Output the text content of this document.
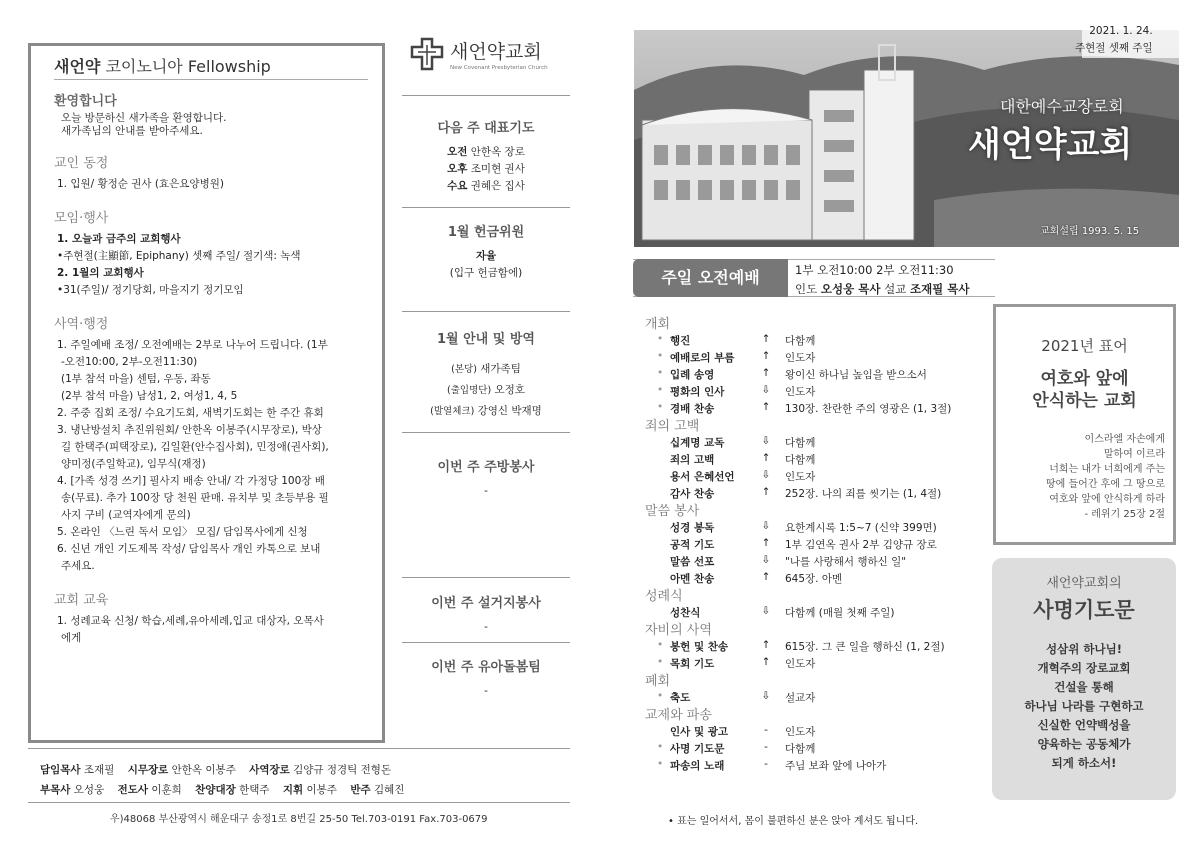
새언약 코이노니아 Fellowship
환영합니다
오늘 방문하신 새가족을 환영합니다.
새가족님의 안내를 받아주세요.
교인 동정
1. 입원/ 황정순 권사 (효은요양병원)
모임·행사
1. 오늘과 금주의 교회행사
•주현절(主顯節, Epiphany) 셋째 주일/ 절기색: 녹색
2. 1월의 교회행사
•31(주일)/ 정기당회, 마을지기 정기모임
사역·행정
1. 주일예배 조정/ 오전예배는 2부로 나누어 드립니다. (1부
-오전10:00, 2부-오전11:30)
(1부 참석 마을) 센텀, 우동, 좌동
(2부 참석 마을) 남성1, 2, 여성1, 4, 5
2. 주중 집회 조정/ 수요기도회, 새벽기도회는 한 주간 휴회
3. 냉난방설치 추진위원회/ 안한옥 이봉주(시무장로), 박상
길 한택주(피택장로), 김일환(안수집사회), 민정애(권사회),
양미정(주일학교), 임무식(재정)
4. [가족 성경 쓰기] 필사지 배송 안내/ 각 가정당 100장 배
송(무료). 추가 100장 당 천원 판매. 유치부 및 초등부용 필
사지 구비 (교역자에게 문의)
5. 온라인 〈느린 독서 모임〉 모집/ 담임목사에게 신청
6. 신년 개인 기도제목 작성/ 담임목사 개인 카톡으로 보내
주세요.
교회 교육
1. 성례교육 신청/ 학습,세례,유아세례,입교 대상자, 오목사
에게
새언약교회
New Covenant Presbyterian Church
다음 주 대표기도
오전 안한옥 장로
오후 조미현 권사
수요 권혜은 집사
1월 헌금위원
자율
(입구 헌금함에)
1월 안내 및 방역
(본당) 새가족팀
(출입명단) 오정호
(발열체크) 강영신 박재명
이번 주 주방봉사
-
이번 주 설거지봉사
-
이번 주 유아돌봄팀
-
담임목사 조재필 시무장로 안한옥 이봉주 사역장로 김양규 정경틱 전형돈
부목사 오성웅 전도사 이훈희 찬양대장 한택주 지휘 이봉주 반주 김혜진
우)48068 부산광역시 해운대구 송정1로 8번길 25-50 Tel.703-0191 Fax.703-0679
2021. 1. 24.
주현절 셋째 주일
대한예수교장로회
새언약교회
교회설립 1993. 5. 15
주일 오전예배	1부 오전10:00 2부 오전11:30
인도 오성웅 목사 설교 조재필 목사
개회
• 행진	↑ 다함께
• 예배로의 부름	↑ 인도자
• 입례 송영	↑ 왕이신 하나님 높임을 받으소서
• 평화의 인사	⇩ 인도자
• 경배 찬송	↑ 130장. 찬란한 주의 영광은 (1, 3절)
죄의 고백
십계명 교독	⇩ 다함께
죄의 고백	↑ 다함께
용서 은혜선언	⇩ 인도자
감사 찬송	↑ 252장. 나의 죄를 씻기는 (1, 4절)
말씀 봉사
성경 봉독	⇩ 요한계시록 1:5~7 (신약 399면)
공적 기도	↑ 1부 김연옥 권사 2부 김양규 장로
말씀 선포	⇩ "나를 사랑해서 행하신 일"
아멘 찬송	↑ 645장. 아멘
성례식
성찬식	⇩ 다함께 (매월 첫째 주일)
자비의 사역
• 봉헌 및 찬송	↑ 615장. 그 큰 일을 행하신 (1, 2절)
• 목회 기도	↑ 인도자
폐회
• 축도	⇩ 설교자
교제와 파송
인사 및 광고	-	인도자
• 사명 기도문	-	다함께
• 파송의 노래	-	주님 보좌 앞에 나아가
• 표는 일어서서, 몸이 불편하신 분은 앉아 계셔도 됩니다.
2021년 표어
여호와 앞에
안식하는 교회
이스라엘 자손에게
말하여 이르라
너희는 내가 너희에게 주는
땅에 들어간 후에 그 땅으로
여호와 앞에 안식하게 하라
- 레위기 25장 2절
새언약교회의
사명기도문
성삼위 하나님!
개혁주의 장로교회
건설을 통해
하나님 나라를 구현하고
신실한 언약백성을
양육하는 공동체가
되게 하소서!
